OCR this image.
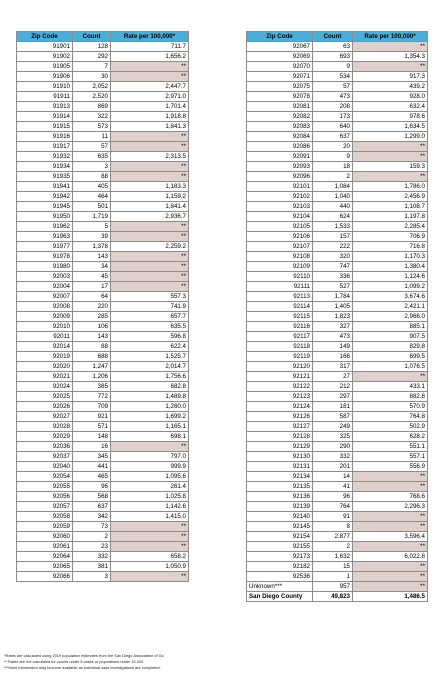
Zip Code	Count	Rate per 100,000*
91901	128	711.7
91902	292	1,656.2
91905	7	**
91906	30	**
91910	2,052	2,447.7
91911	2,520	2,971.0
91913	869	1,701.4
91914	322	1,918.8
91915	573	1,841.3
91916	11	**
91917	57	**
91932	635	2,313.5
91934	3	**
91935	88	**
91941	405	1,183.3
91942	464	1,159.2
91945	501	1,841.4
91950	1,719	2,936.7
91962	5	**
91963	39	**
91977	1,378	2,259.2
91978	143	**
91980	34	**
92003	45	**
92004	17	**
92007	64	557.3
92008	220	741.9
92009	285	657.7
92010	106	635.5
92011	143	596.8
92014	88	622.4
92019	688	1,525.7
92020	1,247	2,014.7
92021	1,206	1,756.6
92024	385	682.8
92025	772	1,489.8
92026	709	1,260.0
92027	921	1,699.2
92028	571	1,165.1
92029	148	698.1
92036	16	**
92037	345	797.0
92040	441	999.9
92054	465	1,095.6
92055	96	261.4
92056	568	1,025.8
92057	637	1,142.6
92058	342	1,415.0
92059	73	**
92060	2	**
92061	23	**
92064	332	658.2
92065	381	1,050.9
92066	3	**
Zip Code	Count	Rate per 100,000*
92067	63	**
92069	693	1,354.3
92070	9	**
92071	534	917.3
92075	57	439.2
92078	473	928.0
92081	208	632.4
92082	173	978.6
92083	640	1,634.5
92084	637	1,299.0
92086	20	**
92091	9	**
92093	18	159.3
92096	2	**
92101	1,084	1,786.0
92102	1,040	2,456.9
92103	440	1,108.7
92104	624	1,197.8
92105	1,533	2,285.4
92106	157	706.9
92107	222	716.8
92108	320	1,170.3
92109	747	1,380.4
92110	336	1,124.6
92111	527	1,099.2
92113	1,784	3,674.6
92114	1,405	2,421.1
92115	1,823	2,966.0
92116	327	885.1
92117	473	907.5
92118	149	829.8
92119	166	699.5
92120	317	1,076.5
92121	27	**
92122	212	433.1
92123	297	882.8
92124	181	570.9
92126	587	764.8
92127	249	502.9
92128	325	628.2
92129	290	551.1
92130	332	557.1
92131	201	556.9
92134	14	**
92135	41	**
92136	96	768.6
92139	764	2,296.3
92140	91	**
92145	8	**
92154	2,877	3,596.4
92155	2	**
92173	1,632	6,022.8
92182	15	**
92536	1	**
Unknown***	957	**
San Diego County	49,823	1,486.5
*Rates are calculated using 2019 population estimates from the San Diego Association of Go
** Rates are not calculated for counts under 5 cases or populations under 10,000.
***More information may become available as individual case investigations are completed.
